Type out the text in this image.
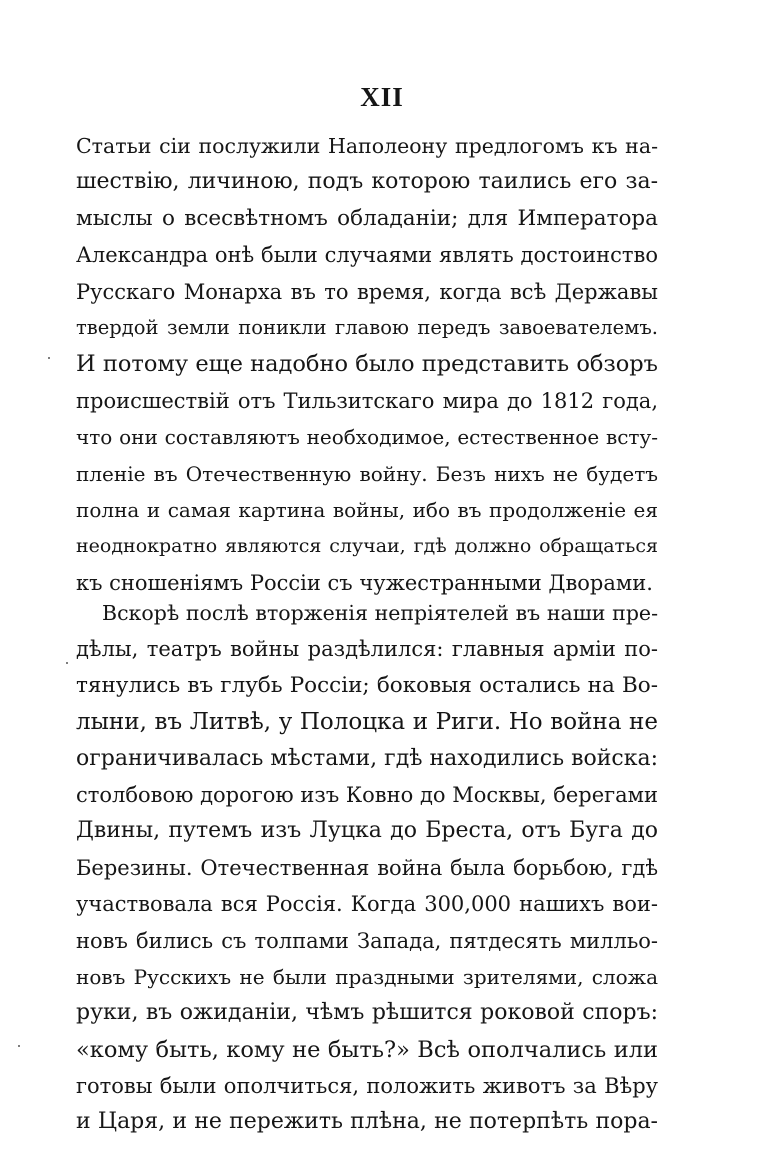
XII
Статьи сіи послужили Наполеону предлогомъ къ на-
шествію, личиною, подъ которою таились его за-
мыслы о всесвѣтномъ обладаніи; для Императора
Александра онѣ были случаями являть достоинство
Русскаго Монарха въ то время, когда всѣ Державы
твердой земли поникли главою передъ завоевателемъ.
И потому еще надобно было представить обзоръ
происшествій отъ Тильзитскаго мира до 1812 года,
что они составляютъ необходимое, естественное всту-
пленіе въ Отечественную войну. Безъ нихъ не будетъ
полна и самая картина войны, ибо въ продолженіе ея
неоднократно являются случаи, гдѣ должно обращаться
къ сношеніямъ Россіи съ чужестранными Дворами.
Вскорѣ послѣ вторженія непріятелей въ наши пре-
дѣлы, театръ войны раздѣлился: главныя арміи по-
тянулись въ глубь Россіи; боковыя остались на Во-
лыни, въ Литвѣ, у Полоцка и Риги. Но война не
ограничивалась мѣстами, гдѣ находились войска:
столбовою дорогою изъ Ковно до Москвы, берегами
Двины, путемъ изъ Луцка до Бреста, отъ Буга до
Березины. Отечественная война была борьбою, гдѣ
участвовала вся Россія. Когда 300,000 нашихъ вои-
новъ бились съ толпами Запада, пятдесять милльо-
новъ Русскихъ не были праздными зрителями, сложа
руки, въ ожиданіи, чѣмъ рѣшится роковой споръ:
«кому быть, кому не быть?» Всѣ ополчались или
готовы были ополчиться, положить животъ за Вѣру
и Царя, и не пережить плѣна, не потерпѣть пора-
